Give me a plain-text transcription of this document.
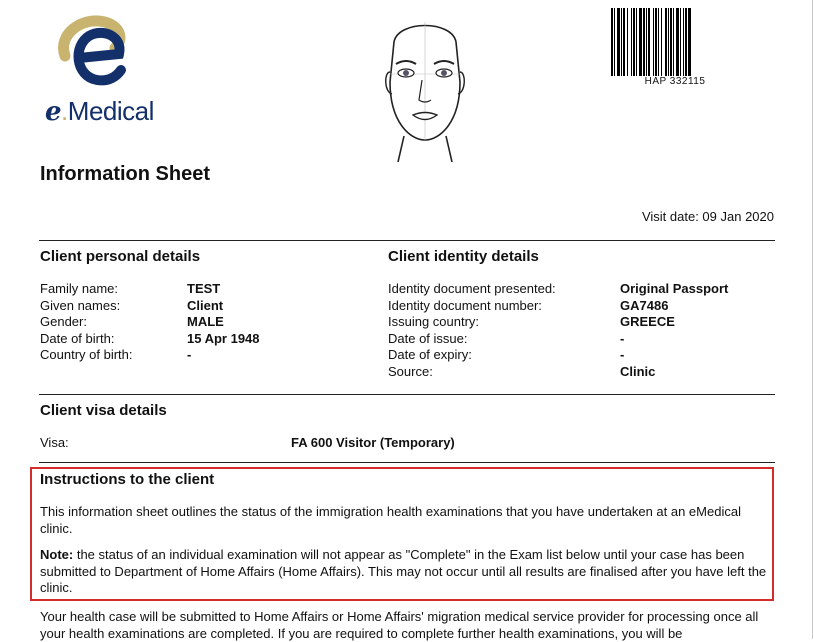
e.Medical
HAP 332115
Information Sheet
Visit date: 09 Jan 2020
Client personal details
Family name:	TEST
Given names:	Client
Gender:	MALE
Date of birth:	15 Apr 1948
Country of birth:	-
Client identity details
Identity document presented:	Original Passport
Identity document number:	GA7486
Issuing country:	GREECE
Date of issue:	-
Date of expiry:	-
Source:	Clinic
Client visa details
Visa:	FA 600 Visitor (Temporary)
Instructions to the client
This information sheet outlines the status of the immigration health examinations that you have undertaken at an eMedical clinic.
Note: the status of an individual examination will not appear as "Complete" in the Exam list below until your case has been submitted to Department of Home Affairs (Home Affairs). This may not occur until all results are finalised after you have left the clinic.
Your health case will be submitted to Home Affairs or Home Affairs' migration medical service provider for processing once all your health examinations are completed. If you are required to complete further health examinations, you will be
